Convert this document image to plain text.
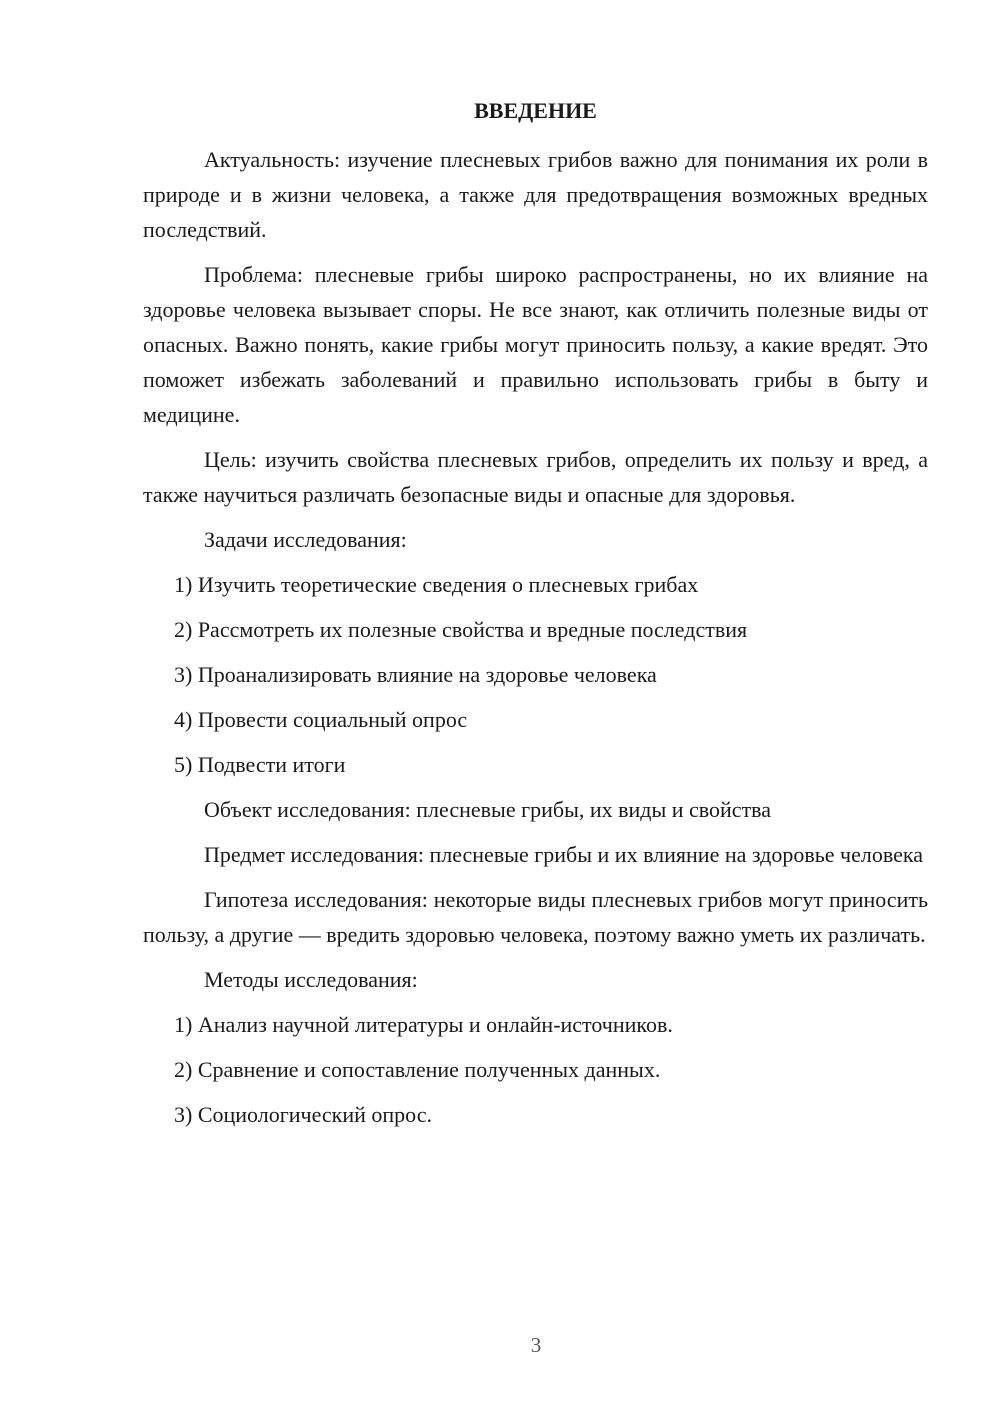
ВВЕДЕНИЕ

Актуальность: изучение плесневых грибов важно для понимания их роли в природе и в жизни человека, а также для предотвращения возможных вредных последствий.

Проблема: плесневые грибы широко распространены, но их влияние на здоровье человека вызывает споры. Не все знают, как отличить полезные виды от опасных. Важно понять, какие грибы могут приносить пользу, а какие вредят. Это поможет избежать заболеваний и правильно использовать грибы в быту и медицине.

Цель: изучить свойства плесневых грибов, определить их пользу и вред, а также научиться различать безопасные виды и опасные для здоровья.

Задачи исследования:
1) Изучить теоретические сведения о плесневых грибах
2) Рассмотреть их полезные свойства и вредные последствия
3) Проанализировать влияние на здоровье человека
4) Провести социальный опрос
5) Подвести итоги
Объект исследования: плесневые грибы, их виды и свойства

Предмет исследования: плесневые грибы и их влияние на здоровье человека

Гипотеза исследования: некоторые виды плесневых грибов могут приносить пользу, а другие — вредить здоровью человека, поэтому важно уметь их различать.

Методы исследования:
1) Анализ научной литературы и онлайн-источников.
2) Сравнение и сопоставление полученных данных.
3) Социологический опрос.
3
